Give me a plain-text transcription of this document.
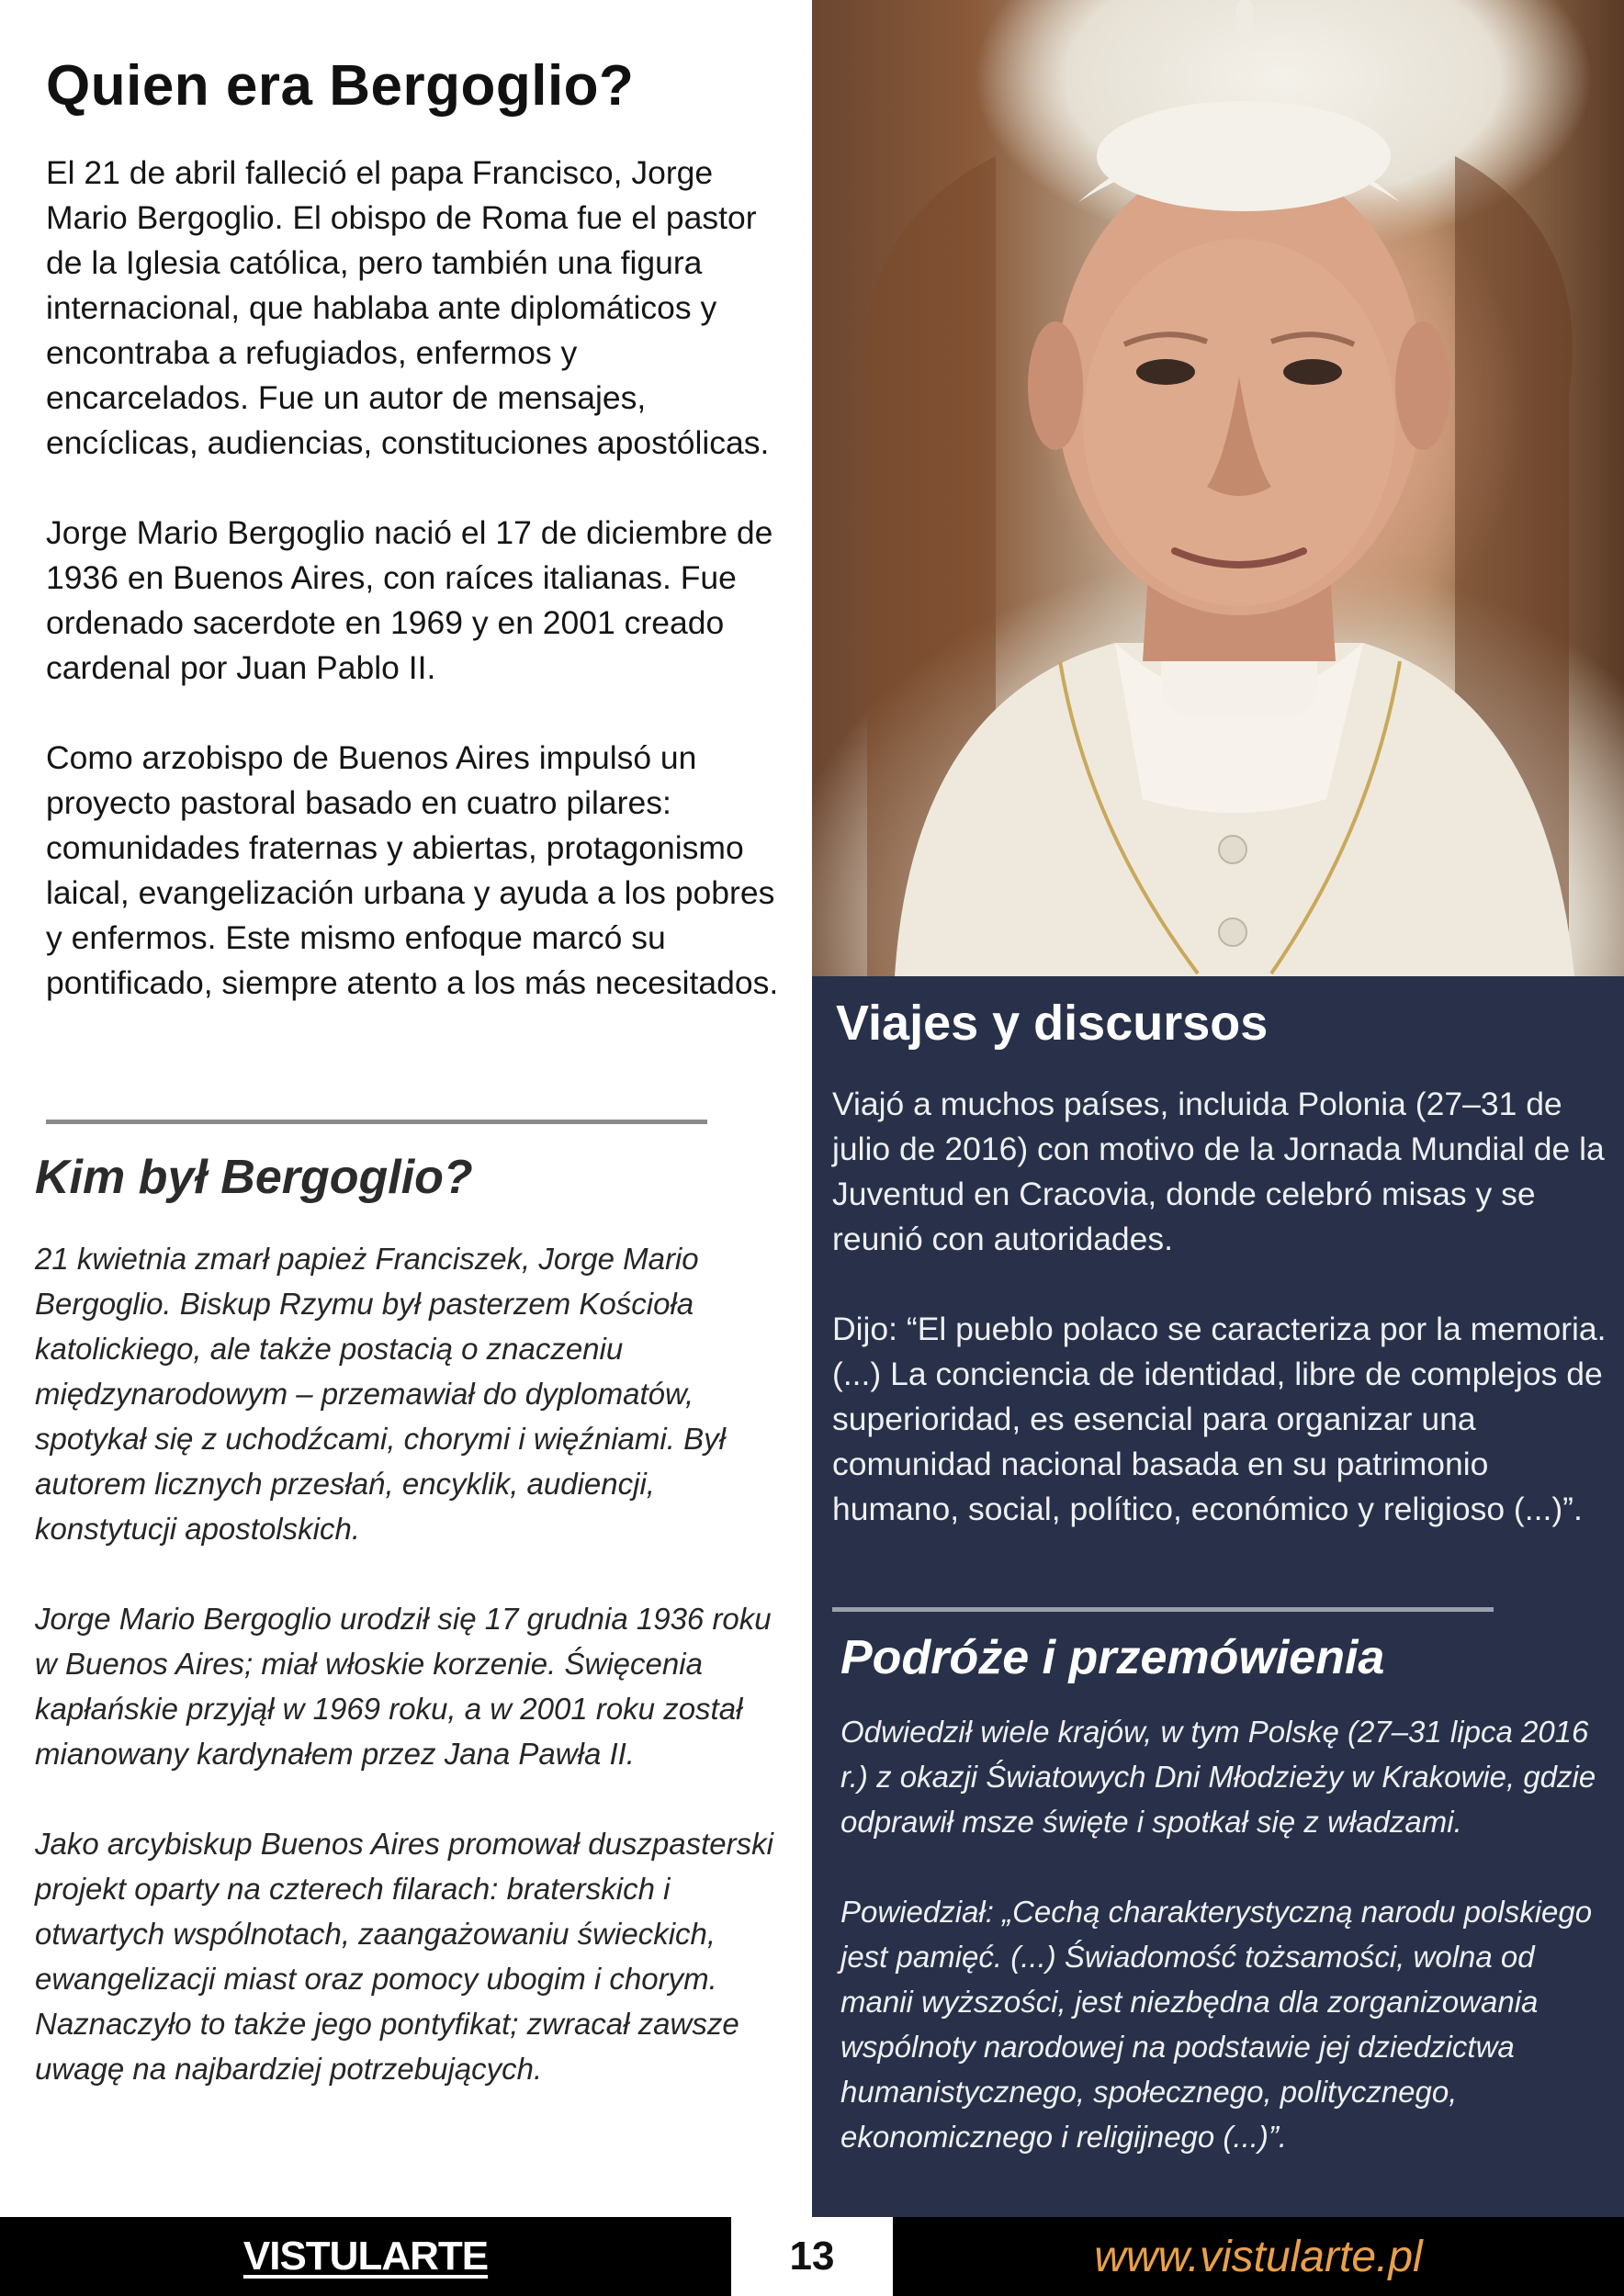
Quien era Bergoglio?

El 21 de abril falleció el papa Francisco, Jorge Mario Bergoglio. El obispo de Roma fue el pastor de la Iglesia católica, pero también una figura internacional, que hablaba ante diplomáticos y encontraba a refugiados, enfermos y encarcelados. Fue un autor de mensajes, encíclicas, audiencias, constituciones apostólicas.

Jorge Mario Bergoglio nació el 17 de diciembre de 1936 en Buenos Aires, con raíces italianas. Fue ordenado sacerdote en 1969 y en 2001 creado cardenal por Juan Pablo II.

Como arzobispo de Buenos Aires impulsó un proyecto pastoral basado en cuatro pilares: comunidades fraternas y abiertas, protagonismo laical, evangelización urbana y ayuda a los pobres y enfermos. Este mismo enfoque marcó su pontificado, siempre atento a los más necesitados.

Kim był Bergoglio?

21 kwietnia zmarł papież Franciszek, Jorge Mario Bergoglio. Biskup Rzymu był pasterzem Kościoła katolickiego, ale także postacią o znaczeniu międzynarodowym – przemawiał do dyplomatów, spotykał się z uchodźcami, chorymi i więźniami. Był autorem licznych przesłań, encyklik, audiencji, konstytucji apostolskich.

Jorge Mario Bergoglio urodził się 17 grudnia 1936 roku w Buenos Aires; miał włoskie korzenie. Święcenia kapłańskie przyjął w 1969 roku, a w 2001 roku został mianowany kardynałem przez Jana Pawła II.

Jako arcybiskup Buenos Aires promował duszpasterski projekt oparty na czterech filarach: braterskich i otwartych wspólnotach, zaangażowaniu świeckich, ewangelizacji miast oraz pomocy ubogim i chorym. Naznaczyło to także jego pontyfikat; zwracał zawsze uwagę na najbardziej potrzebujących.

Viajes y discursos

Viajó a muchos países, incluida Polonia (27–31 de julio de 2016) con motivo de la Jornada Mundial de la Juventud en Cracovia, donde celebró misas y se reunió con autoridades.

Dijo: “El pueblo polaco se caracteriza por la memoria. (...) La conciencia de identidad, libre de complejos de superioridad, es esencial para organizar una comunidad nacional basada en su patrimonio humano, social, político, económico y religioso (...)”.

Podróże i przemówienia

Odwiedził wiele krajów, w tym Polskę (27–31 lipca 2016 r.) z okazji Światowych Dni Młodzieży w Krakowie, gdzie odprawił msze święte i spotkał się z władzami.

Powiedział: „Cechą charakterystyczną narodu polskiego jest pamięć. (...) Świadomość tożsamości, wolna od manii wyższości, jest niezbędna dla zorganizowania wspólnoty narodowej na podstawie jej dziedzictwa humanistycznego, społecznego, politycznego, ekonomicznego i religijnego (...)”.

VISTULARTE	13	www.vistularte.pl
